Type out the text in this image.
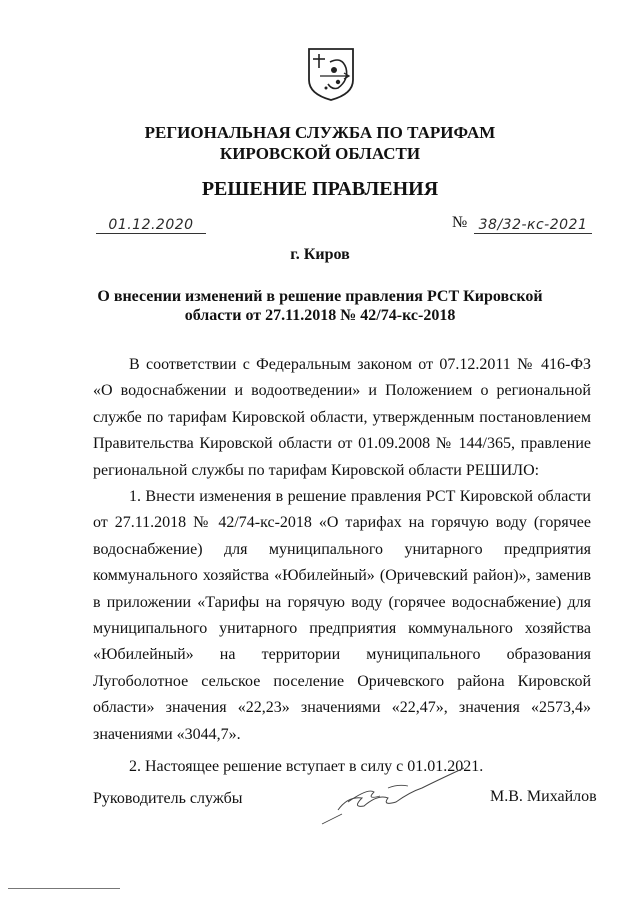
РЕГИОНАЛЬНАЯ СЛУЖБА ПО ТАРИФАМ
КИРОВСКОЙ ОБЛАСТИ
РЕШЕНИЕ ПРАВЛЕНИЯ
01.12.2020	№ 38/32-кс-2021
г. Киров
О внесении изменений в решение правления РСТ Кировской
области от 27.11.2018 № 42/74-кс-2018

В соответствии с Федеральным законом от 07.12.2011 № 416-ФЗ «О водоснабжении и водоотведении» и Положением о региональной службе по тарифам Кировской области, утвержденным постановлением Правительства Кировской области от 01.09.2008 № 144/365, правление региональной службы по тарифам Кировской области РЕШИЛО:

1. Внести изменения в решение правления РСТ Кировской области от 27.11.2018 № 42/74-кс-2018 «О тарифах на горячую воду (горячее водоснабжение) для муниципального унитарного предприятия коммунального хозяйства «Юбилейный» (Оричевский район)», заменив в приложении «Тарифы на горячую воду (горячее водоснабжение) для муниципального унитарного предприятия коммунального хозяйства «Юбилейный» на территории муниципального образования Лугоболотное сельское поселение Оричевского района Кировской области» значения «22,23» значениями «22,47», значения «2573,4» значениями «3044,7».

2. Настоящее решение вступает в силу с 01.01.2021.

Руководитель службы	М.В. Михайлов
